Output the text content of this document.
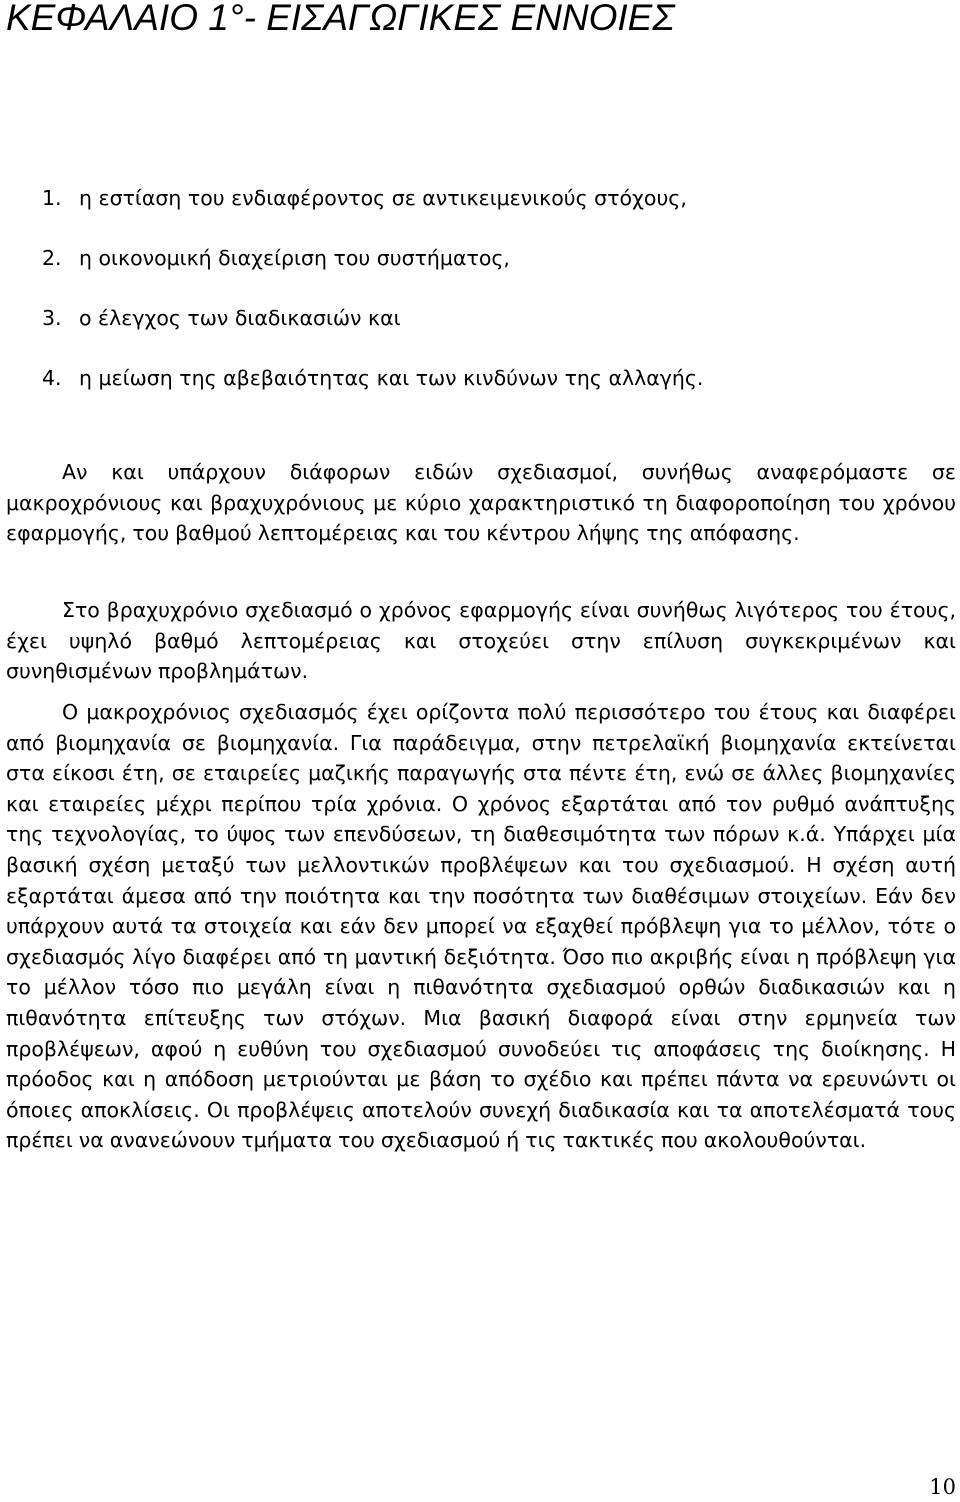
ΚΕΦΑΛΑΙΟ 1°- ΕΙΣΑΓΩΓΙΚΕΣ ΕΝΝΟΙΕΣ
1. η εστίαση του ενδιαφέροντος σε αντικειμενικούς στόχους,
2. η οικονομική διαχείριση του συστήματος,
3. ο έλεγχος των διαδικασιών και
4. η μείωση της αβεβαιότητας και των κινδύνων της αλλαγής.

Αν και υπάρχουν διάφορων ειδών σχεδιασμοί, συνήθως αναφερόμαστε σε μακροχρόνιους και βραχυχρόνιους με κύριο χαρακτηριστικό τη διαφοροποίηση του χρόνου εφαρμογής, του βαθμού λεπτομέρειας και του κέντρου λήψης της απόφασης.

Στο βραχυχρόνιο σχεδιασμό ο χρόνος εφαρμογής είναι συνήθως λιγότερος του έτους, έχει υψηλό βαθμό λεπτομέρειας και στοχεύει στην επίλυση συγκεκριμένων και συνηθισμένων προβλημάτων.

Ο μακροχρόνιος σχεδιασμός έχει ορίζοντα πολύ περισσότερο του έτους και διαφέρει από βιομηχανία σε βιομηχανία. Για παράδειγμα, στην πετρελαϊκή βιομηχανία εκτείνεται στα είκοσι έτη, σε εταιρείες μαζικής παραγωγής στα πέντε έτη, ενώ σε άλλες βιομηχανίες και εταιρείες μέχρι περίπου τρία χρόνια. Ο χρόνος εξαρτάται από τον ρυθμό ανάπτυξης της τεχνολογίας, το ύψος των επενδύσεων, τη διαθεσιμότητα των πόρων κ.ά. Υπάρχει μία βασική σχέση μεταξύ των μελλοντικών προβλέψεων και του σχεδιασμού. Η σχέση αυτή εξαρτάται άμεσα από την ποιότητα και την ποσότητα των διαθέσιμων στοιχείων. Εάν δεν υπάρχουν αυτά τα στοιχεία και εάν δεν μπορεί να εξαχθεί πρόβλεψη για το μέλλον, τότε ο σχεδιασμός λίγο διαφέρει από τη μαντική δεξιότητα. Όσο πιο ακριβής είναι η πρόβλεψη για το μέλλον τόσο πιο μεγάλη είναι η πιθανότητα σχεδιασμού ορθών διαδικασιών και η πιθανότητα επίτευξης των στόχων. Μια βασική διαφορά είναι στην ερμηνεία των προβλέψεων, αφού η ευθύνη του σχεδιασμού συνοδεύει τις αποφάσεις της διοίκησης. Η πρόοδος και η απόδοση μετριούνται με βάση το σχέδιο και πρέπει πάντα να ερευνώντι οι όποιες αποκλίσεις. Οι προβλέψεις αποτελούν συνεχή διαδικασία και τα αποτελέσματά τους πρέπει να ανανεώνουν τμήματα του σχεδιασμού ή τις τακτικές που ακολουθούνται.

10
